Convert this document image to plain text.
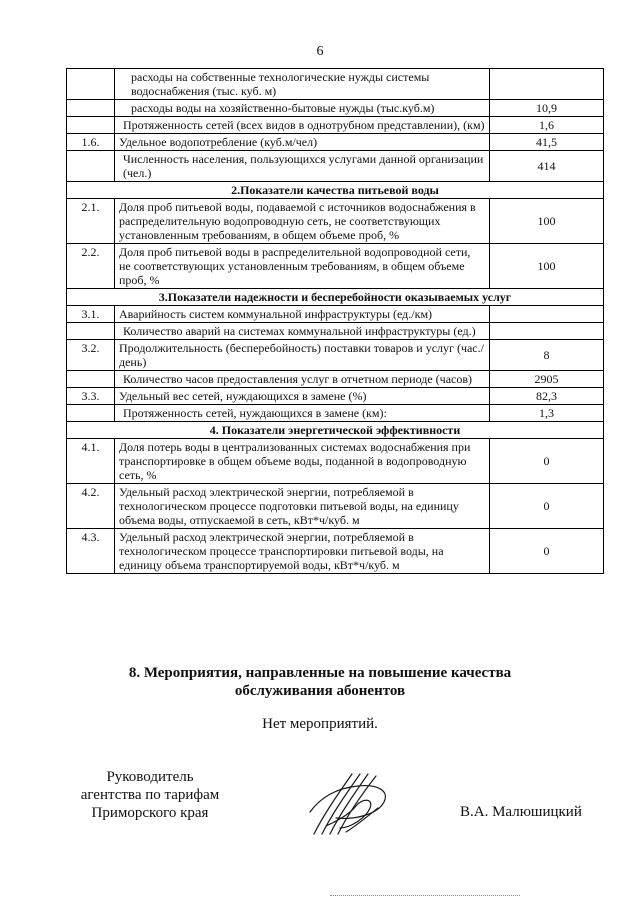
6
	расходы на собственные технологические нужды системы водоснабжения (тыс. куб. м)	
	расходы воды на хозяйственно-бытовые нужды (тыс.куб.м)	10,9
	Протяженность сетей (всех видов в однотрубном представлении), (км)	1,6
1.6.	Удельное водопотребление (куб.м/чел)	41,5
	Численность населения, пользующихся услугами данной организации (чел.)	414
2.Показатели качества питьевой воды		
2.1.	Доля проб питьевой воды, подаваемой с источников водоснабжения в распределительную водопроводную сеть, не соответствующих установленным требованиям, в общем объеме проб, %	100
2.2.	Доля проб питьевой воды в распределительной водопроводной сети, не соответствующих установленным требованиям, в общем объеме проб, %	100
3.Показатели надежности и бесперебойности оказываемых услуг		
3.1.	Аварийность систем коммунальной инфраструктуры (ед./км)	
	Количество аварий на системах коммунальной инфраструктуры (ед.)	
3.2.	Продолжительность (бесперебойность) поставки товаров и услуг (час./день)	8
	Количество часов предоставления услуг в отчетном периоде (часов)	2905
3.3.	Удельный вес сетей, нуждающихся в замене (%)	82,3
	Протяженность сетей, нуждающихся в замене (км):	1,3
4. Показатели энергетической эффективности		
4.1.	Доля потерь воды в централизованных системах водоснабжения при транспортировке в общем объеме воды, поданной в водопроводную сеть, %	0
4.2.	Удельный расход электрической энергии, потребляемой в технологическом процессе подготовки питьевой воды, на единицу объема воды, отпускаемой в сеть, кВт*ч/куб. м	0
4.3.	Удельный расход электрической энергии, потребляемой в технологическом процессе транспортировки питьевой воды, на единицу объема транспортируемой воды, кВт*ч/куб. м	0
8. Мероприятия, направленные на повышение качества
обслуживания абонентов
Нет мероприятий.
Руководитель
агентства по тарифам
Приморского края	В.А. Малюшицкий
